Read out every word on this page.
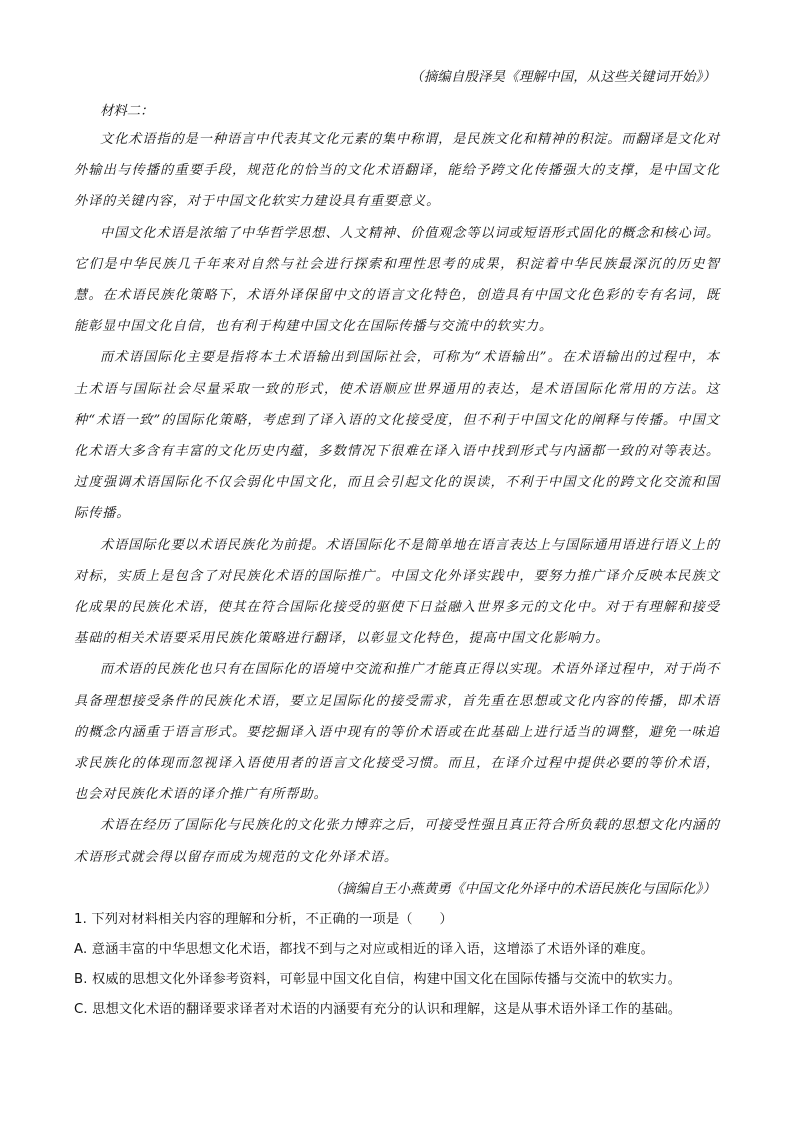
（摘编自殷泽昊《理解中国，从这些关键词开始》）
材料二：

文化术语指的是一种语言中代表其文化元素的集中称谓，是民族文化和精神的积淀。而翻译是文化对外输出与传播的重要手段，规范化的恰当的文化术语翻译，能给予跨文化传播强大的支撑，是中国文化外译的关键内容，对于中国文化软实力建设具有重要意义。

中国文化术语是浓缩了中华哲学思想、人文精神、价值观念等以词或短语形式固化的概念和核心词。它们是中华民族几千年来对自然与社会进行探索和理性思考的成果，积淀着中华民族最深沉的历史智慧。在术语民族化策略下，术语外译保留中文的语言文化特色，创造具有中国文化色彩的专有名词，既能彰显中国文化自信，也有利于构建中国文化在国际传播与交流中的软实力。

而术语国际化主要是指将本土术语输出到国际社会，可称为“术语输出”。在术语输出的过程中，本土术语与国际社会尽量采取一致的形式，使术语顺应世界通用的表达，是术语国际化常用的方法。这种“术语一致”的国际化策略，考虑到了译入语的文化接受度，但不利于中国文化的阐释与传播。中国文化术语大多含有丰富的文化历史内蕴，多数情况下很难在译入语中找到形式与内涵都一致的对等表达。过度强调术语国际化不仅会弱化中国文化，而且会引起文化的误读，不利于中国文化的跨文化交流和国际传播。

术语国际化要以术语民族化为前提。术语国际化不是简单地在语言表达上与国际通用语进行语义上的对标，实质上是包含了对民族化术语的国际推广。中国文化外译实践中，要努力推广译介反映本民族文化成果的民族化术语，使其在符合国际化接受的驱使下日益融入世界多元的文化中。对于有理解和接受基础的相关术语要采用民族化策略进行翻译，以彰显文化特色，提高中国文化影响力。

而术语的民族化也只有在国际化的语境中交流和推广才能真正得以实现。术语外译过程中，对于尚不具备理想接受条件的民族化术语，要立足国际化的接受需求，首先重在思想或文化内容的传播，即术语的概念内涵重于语言形式。要挖掘译入语中现有的等价术语或在此基础上进行适当的调整，避免一味追求民族化的体现而忽视译入语使用者的语言文化接受习惯。而且，在译介过程中提供必要的等价术语，也会对民族化术语的译介推广有所帮助。

术语在经历了国际化与民族化的文化张力博弈之后，可接受性强且真正符合所负载的思想文化内涵的术语形式就会得以留存而成为规范的文化外译术语。

（摘编自王小燕黄勇《中国文化外译中的术语民族化与国际化》）
1. 下列对材料相关内容的理解和分析，不正确的一项是（　　）
A. 意涵丰富的中华思想文化术语，都找不到与之对应或相近的译入语，这增添了术语外译的难度。
B. 权威的思想文化外译参考资料，可彰显中国文化自信，构建中国文化在国际传播与交流中的软实力。
C. 思想文化术语的翻译要求译者对术语的内涵要有充分的认识和理解，这是从事术语外译工作的基础。
